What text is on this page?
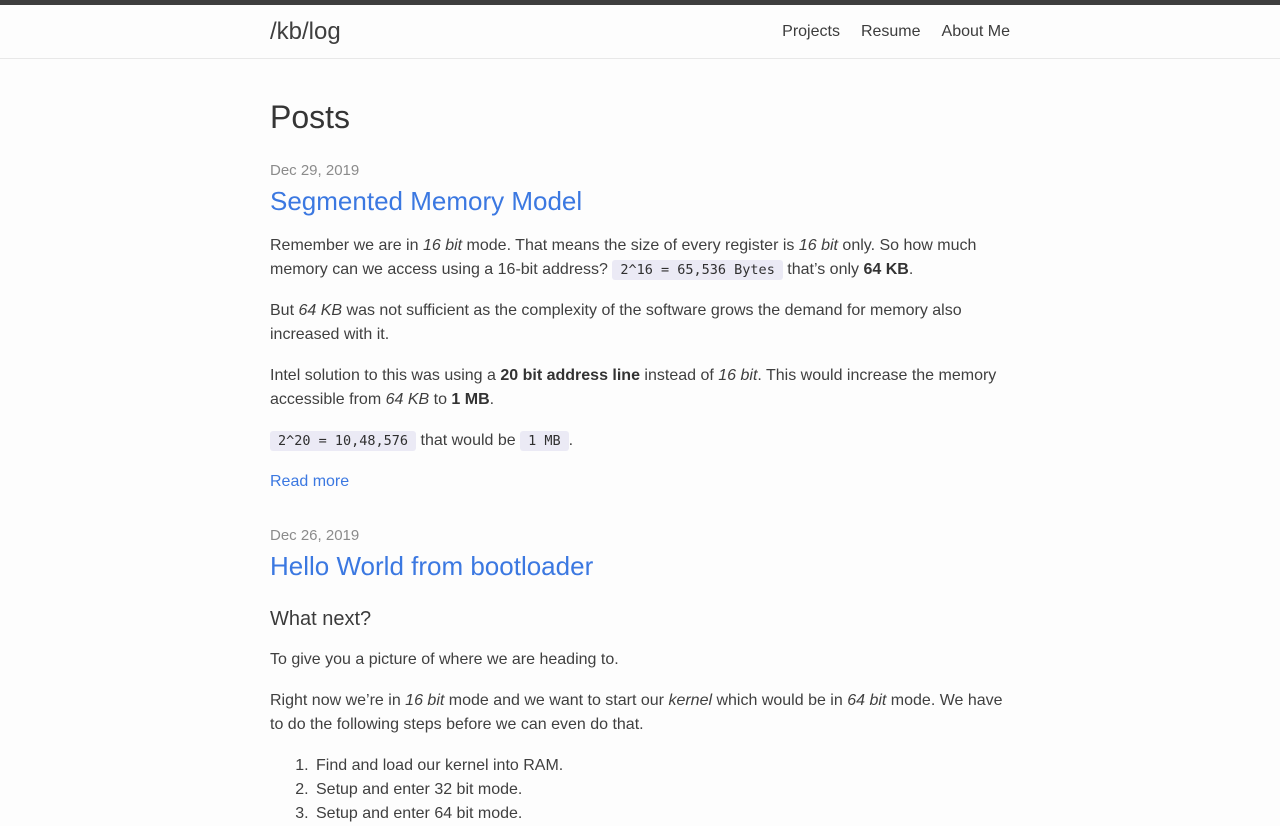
/kb/log	Projects Resume About Me
Posts
Dec 29, 2019
Segmented Memory Model

Remember we are in 16 bit mode. That means the size of every register is 16 bit only. So how much memory can we access using a 16-bit address? 2^16 = 65,536 Bytes that’s only 64 KB.

But 64 KB was not sufficient as the complexity of the software grows the demand for memory also increased with it.

Intel solution to this was using a 20 bit address line instead of 16 bit. This would increase the memory accessible from 64 KB to 1 MB.

2^20 = 10,48,576 that would be 1 MB .

Read more
Dec 26, 2019
Hello World from bootloader
What next?

To give you a picture of where we are heading to.

Right now we’re in 16 bit mode and we want to start our kernel which would be in 64 bit mode. We have to do the following steps before we can even do that.

1. Find and load our kernel into RAM.
2. Setup and enter 32 bit mode.
3. Setup and enter 64 bit mode.
